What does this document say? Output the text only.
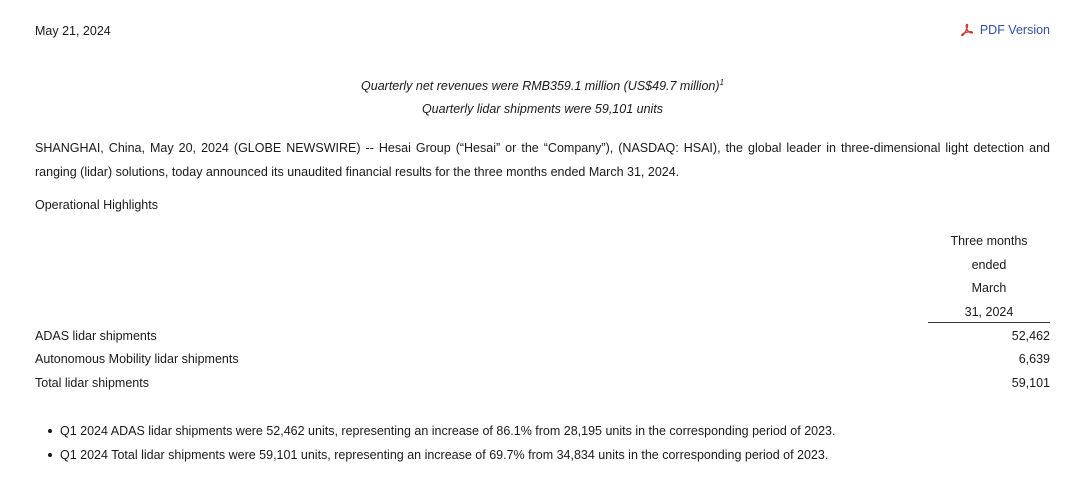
May 21, 2024	PDF Version
Quarterly net revenues were RMB359.1 million (US$49.7 million)$^1$
Quarterly lidar shipments were 59,101 units
SHANGHAI, China, May 20, 2024 (GLOBE NEWSWIRE) -- Hesai Group (“Hesai” or the “Company”), (NASDAQ: HSAI), the global leader in three-dimensional light detection and ranging (lidar) solutions, today announced its unaudited financial results for the three months ended March 31, 2024.
Operational Highlights
Three months
ended
March
31, 2024
ADAS lidar shipments	52,462
Autonomous Mobility lidar shipments	6,639
Total lidar shipments	59,101
Q1 2024 ADAS lidar shipments were 52,462 units, representing an increase of 86.1% from 28,195 units in the corresponding period of 2023.
Q1 2024 Total lidar shipments were 59,101 units, representing an increase of 69.7% from 34,834 units in the corresponding period of 2023.
